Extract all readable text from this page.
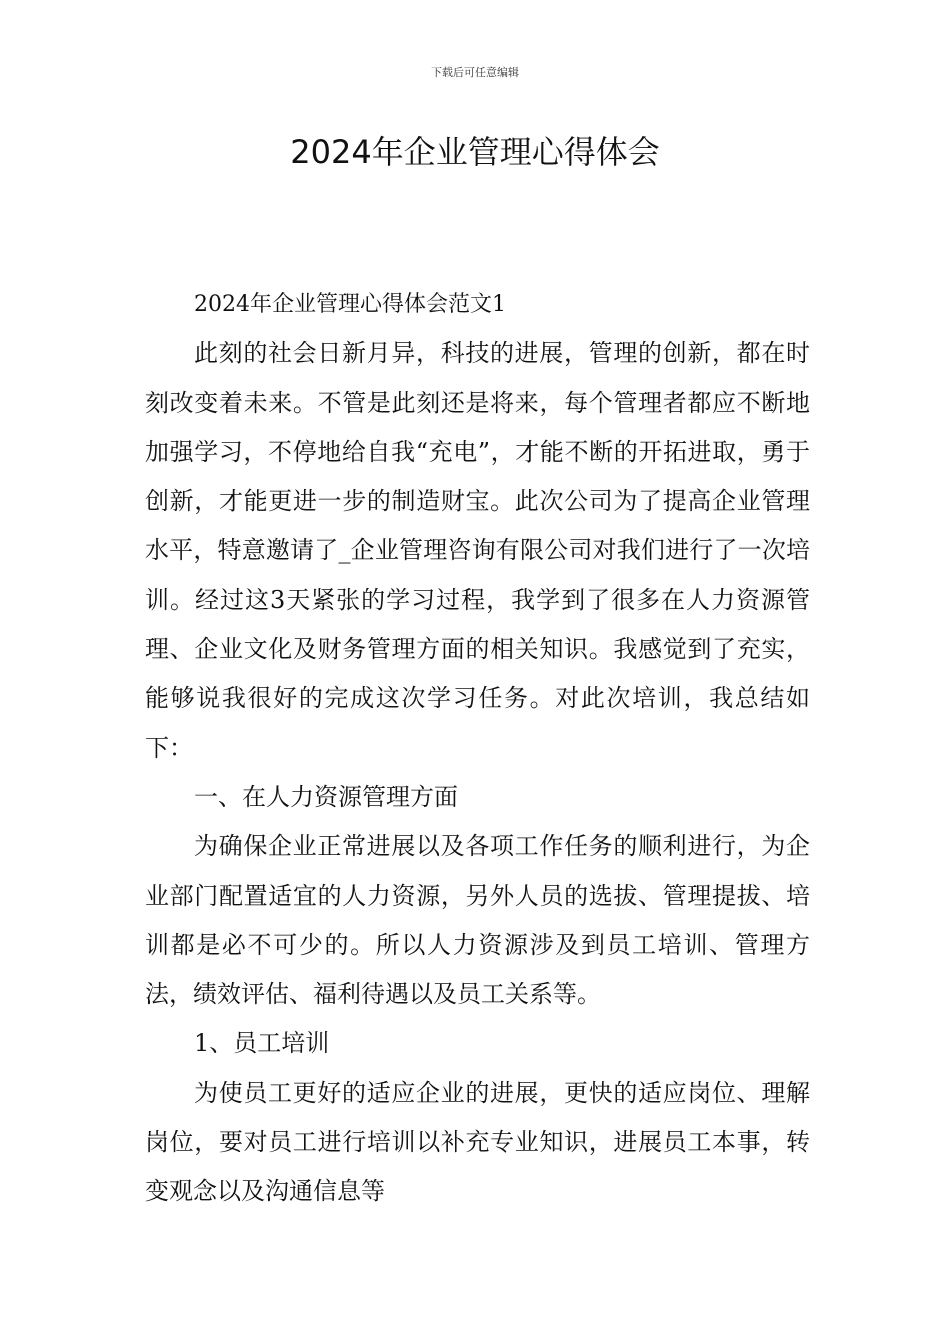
下载后可任意编辑
2024年企业管理心得体会

2024年企业管理心得体会范文1

此刻的社会日新月异，科技的进展，管理的创新，都在时刻改变着未来。不管是此刻还是将来，每个管理者都应不断地加强学习，不停地给自我“充电”，才能不断的开拓进取，勇于创新，才能更进一步的制造财宝。此次公司为了提高企业管理水平，特意邀请了_企业管理咨询有限公司对我们进行了一次培训。经过这3天紧张的学习过程，我学到了很多在人力资源管理、企业文化及财务管理方面的相关知识。我感觉到了充实，能够说我很好的完成这次学习任务。对此次培训，我总结如下：

一、在人力资源管理方面

为确保企业正常进展以及各项工作任务的顺利进行，为企业部门配置适宜的人力资源，另外人员的选拔、管理提拔、培训都是必不可少的。所以人力资源涉及到员工培训、管理方法，绩效评估、福利待遇以及员工关系等。

1、员工培训

为使员工更好的适应企业的进展，更快的适应岗位、理解岗位，要对员工进行培训以补充专业知识，进展员工本事，转变观念以及沟通信息等
